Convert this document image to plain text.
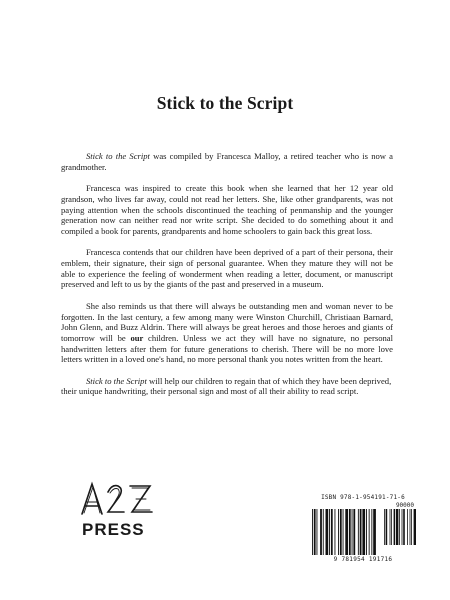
Stick to the Script

Stick to the Script was compiled by Francesca Malloy, a retired teacher who is now a grandmother.

Francesca was inspired to create this book when she learned that her 12 year old grandson, who lives far away, could not read her letters. She, like other grandparents, was not paying attention when the schools discontinued the teaching of penmanship and the younger generation now can neither read nor write script. She decided to do something about it and compiled a book for parents, grandparents and home schoolers to gain back this great loss.

Francesca contends that our children have been deprived of a part of their persona, their emblem, their signature, their sign of personal guarantee. When they mature they will not be able to experience the feeling of wonderment when reading a letter, document, or manuscript preserved and left to us by the giants of the past and preserved in a museum.

She also reminds us that there will always be outstanding men and woman never to be forgotten. In the last century, a few among many were Winston Churchill, Christiaan Barnard, John Glenn, and Buzz Aldrin. There will always be great heroes and those heroes and giants of tomorrow will be our children. Unless we act they will have no signature, no personal handwritten letters after them for future generations to cherish. There will be no more love letters written in a loved one's hand, no more personal thank you notes written from the heart.

Stick to the Script will help our children to regain that of which they have been deprived, their unique handwriting, their personal sign and most of all their ability to read script.

PRESS
ISBN 978-1-954191-71-6
90000
9 781954 191716
